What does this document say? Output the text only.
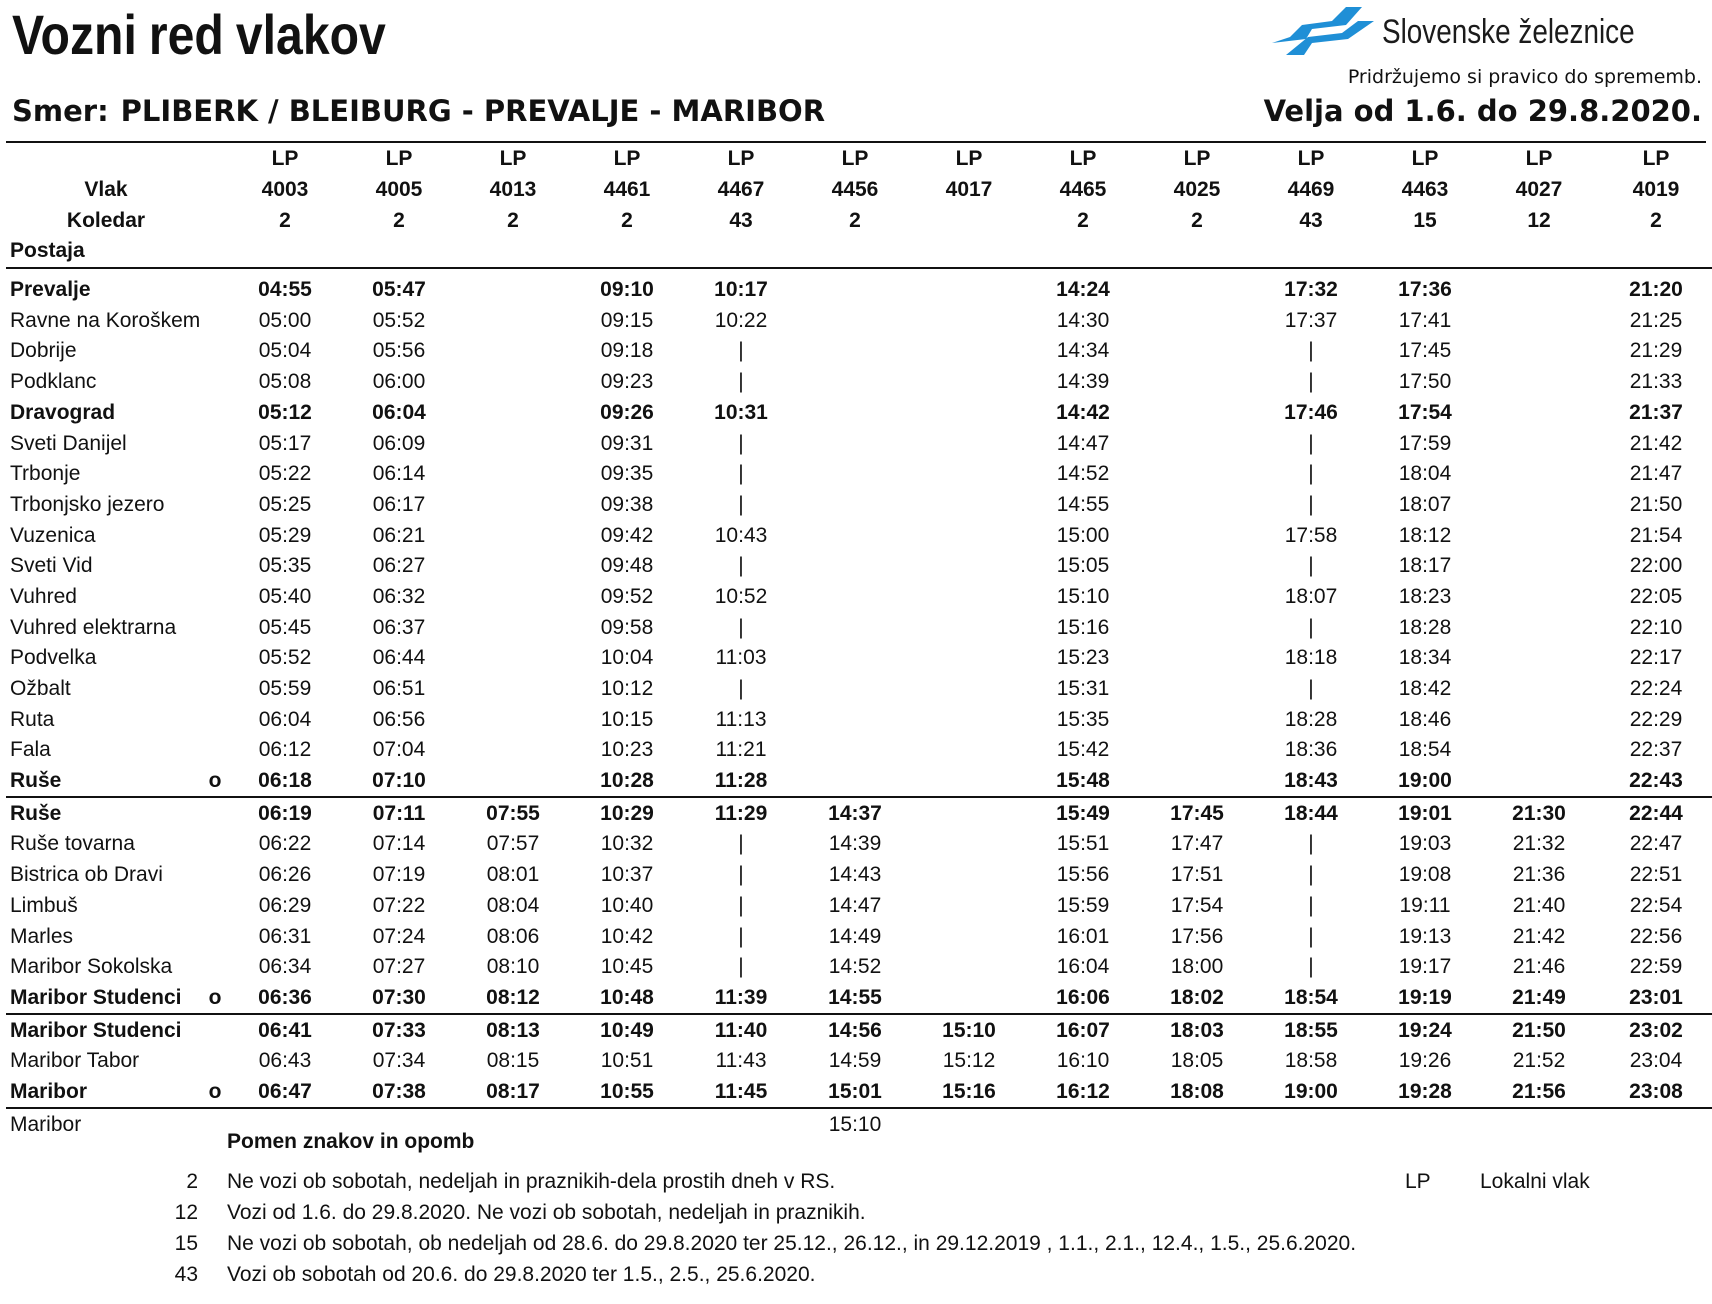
Vozni red vlakov	Slovenske železnice
Pridržujemo si pravico do sprememb.
Smer: PLIBERK / BLEIBURG - PREVALJE - MARIBOR	Velja od 1.6. do 29.8.2020.
		LP	LP	LP	LP	LP	LP	LP	LP	LP	LP	LP	LP	LP
Vlak		4003	4005	4013	4461	4467	4456	4017	4465	4025	4469	4463	4027	4019
Koledar		2	2	2	2	43	2		2	2	43	15	12	2
Postaja														

Prevalje		04:55	05:47		09:10	10:17			14:24		17:32	17:36		21:20
Ravne na Koroškem		05:00	05:52		09:15	10:22			14:30		17:37	17:41		21:25
Dobrije		05:04	05:56		09:18	|			14:34		|	17:45		21:29
Podklanc		05:08	06:00		09:23	|			14:39		|	17:50		21:33
Dravograd		05:12	06:04		09:26	10:31			14:42		17:46	17:54		21:37
Sveti Danijel		05:17	06:09		09:31	|			14:47		|	17:59		21:42
Trbonje		05:22	06:14		09:35	|			14:52		|	18:04		21:47
Trbonjsko jezero		05:25	06:17		09:38	|			14:55		|	18:07		21:50
Vuzenica		05:29	06:21		09:42	10:43			15:00		17:58	18:12		21:54
Sveti Vid		05:35	06:27		09:48	|			15:05		|	18:17		22:00
Vuhred		05:40	06:32		09:52	10:52			15:10		18:07	18:23		22:05
Vuhred elektrarna		05:45	06:37		09:58	|			15:16		|	18:28		22:10
Podvelka		05:52	06:44		10:04	11:03			15:23		18:18	18:34		22:17
Ožbalt		05:59	06:51		10:12	|			15:31		|	18:42		22:24
Ruta		06:04	06:56		10:15	11:13			15:35		18:28	18:46		22:29
Fala		06:12	07:04		10:23	11:21			15:42		18:36	18:54		22:37
Ruše	o	06:18	07:10		10:28	11:28			15:48		18:43	19:00		22:43
Ruše		06:19	07:11	07:55	10:29	11:29	14:37		15:49	17:45	18:44	19:01	21:30	22:44
Ruše tovarna		06:22	07:14	07:57	10:32	|	14:39		15:51	17:47	|	19:03	21:32	22:47
Bistrica ob Dravi		06:26	07:19	08:01	10:37	|	14:43		15:56	17:51	|	19:08	21:36	22:51
Limbuš		06:29	07:22	08:04	10:40	|	14:47		15:59	17:54	|	19:11	21:40	22:54
Marles		06:31	07:24	08:06	10:42	|	14:49		16:01	17:56	|	19:13	21:42	22:56
Maribor Sokolska		06:34	07:27	08:10	10:45	|	14:52		16:04	18:00	|	19:17	21:46	22:59
Maribor Studenci	o	06:36	07:30	08:12	10:48	11:39	14:55		16:06	18:02	18:54	19:19	21:49	23:01
Maribor Studenci		06:41	07:33	08:13	10:49	11:40	14:56	15:10	16:07	18:03	18:55	19:24	21:50	23:02
Maribor Tabor		06:43	07:34	08:15	10:51	11:43	14:59	15:12	16:10	18:05	18:58	19:26	21:52	23:04
Maribor	o	06:47	07:38	08:17	10:55	11:45	15:01	15:16	16:12	18:08	19:00	19:28	21:56	23:08
Maribor							15:10							
Pomen znakov in opomb
2 Ne vozi ob sobotah, nedeljah in praznikih-dela prostih dneh v RS.	LP Lokalni vlak
12 Vozi od 1.6. do 29.8.2020. Ne vozi ob sobotah, nedeljah in praznikih.
15 Ne vozi ob sobotah, ob nedeljah od 28.6. do 29.8.2020 ter 25.12., 26.12., in 29.12.2019 , 1.1., 2.1., 12.4., 1.5., 25.6.2020.
43 Vozi ob sobotah od 20.6. do 29.8.2020 ter 1.5., 2.5., 25.6.2020.
